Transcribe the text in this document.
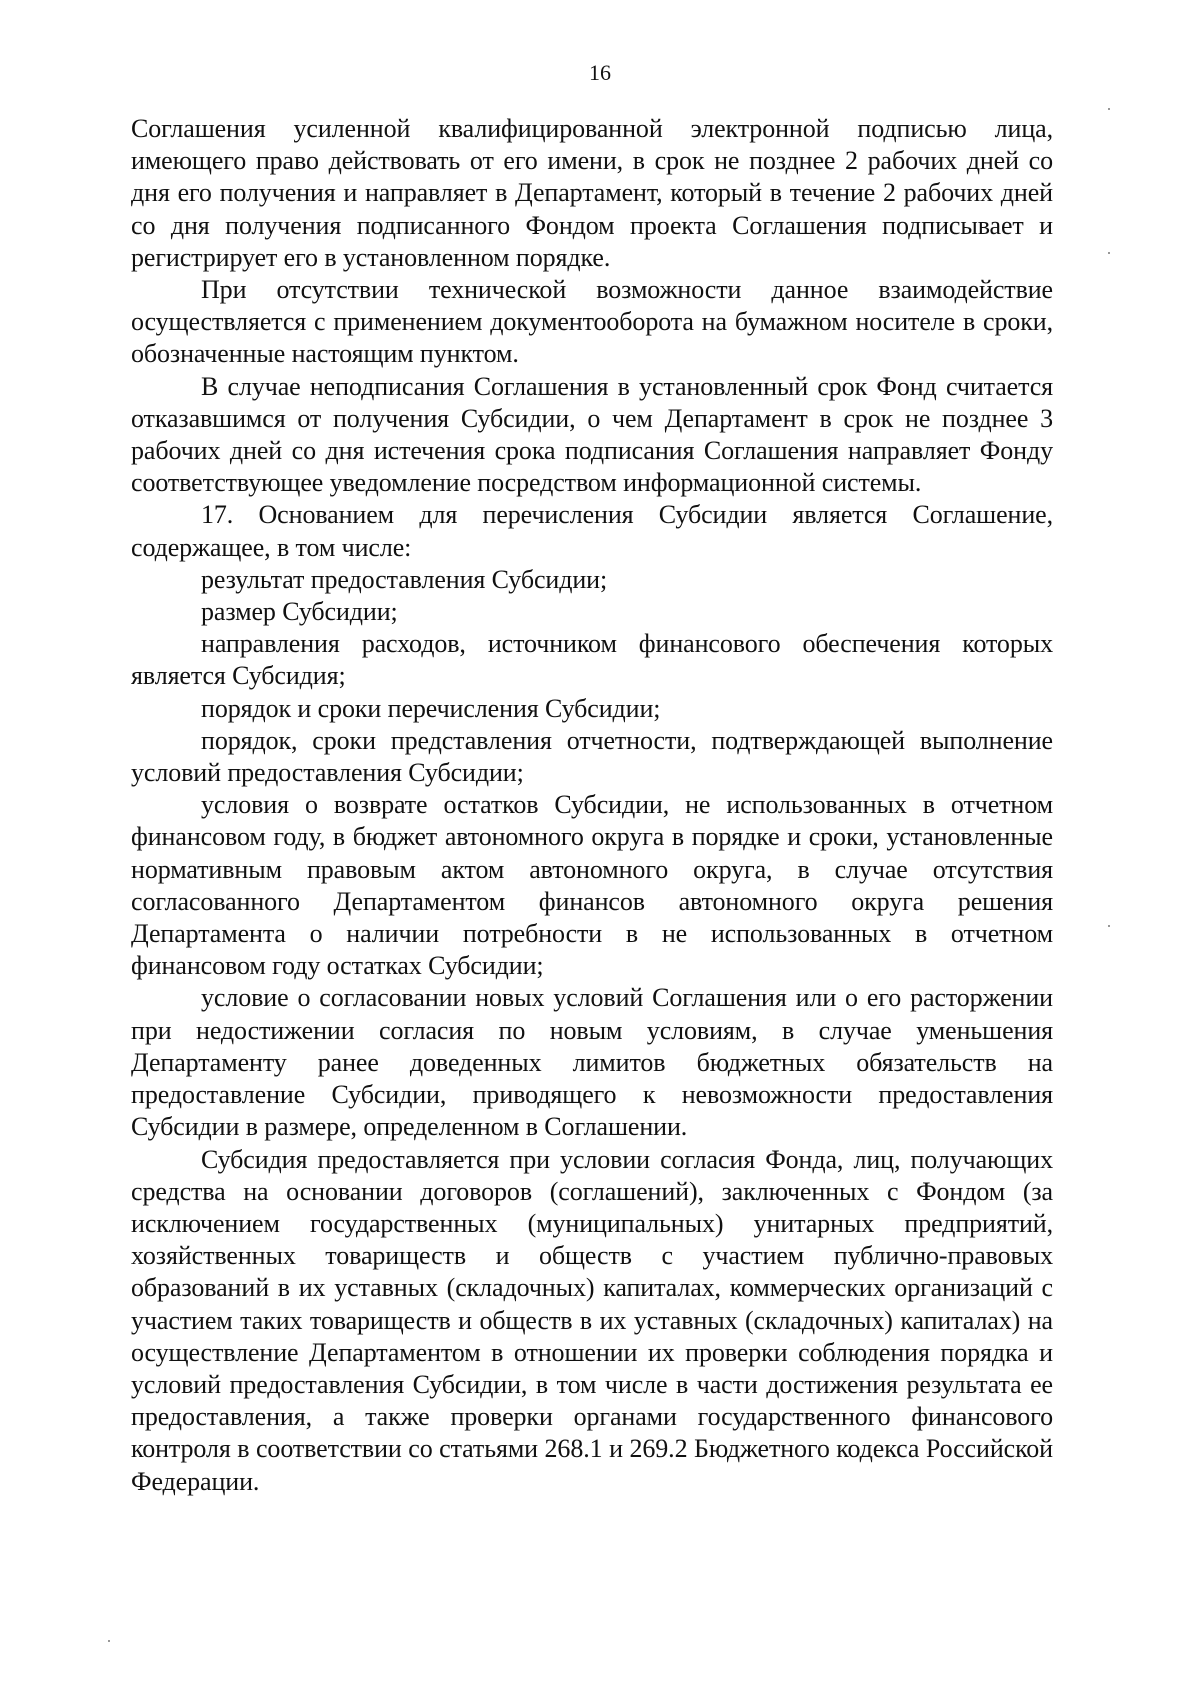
16

Соглашения усиленной квалифицированной электронной подписью лица, имеющего право действовать от его имени, в срок не позднее 2 рабочих дней со дня его получения и направляет в Департамент, который в течение 2 рабочих дней со дня получения подписанного Фондом проекта Соглашения подписывает и регистрирует его в установленном порядке.

При отсутствии технической возможности данное взаимодействие осуществляется с применением документооборота на бумажном носителе в сроки, обозначенные настоящим пунктом.

В случае неподписания Соглашения в установленный срок Фонд считается отказавшимся от получения Субсидии, о чем Департамент в срок не позднее 3 рабочих дней со дня истечения срока подписания Соглашения направляет Фонду соответствующее уведомление посредством информационной системы.

17. Основанием для перечисления Субсидии является Соглашение, содержащее, в том числе:

результат предоставления Субсидии;

размер Субсидии;

направления расходов, источником финансового обеспечения которых является Субсидия;

порядок и сроки перечисления Субсидии;

порядок, сроки представления отчетности, подтверждающей выполнение условий предоставления Субсидии;

условия о возврате остатков Субсидии, не использованных в отчетном финансовом году, в бюджет автономного округа в порядке и сроки, установленные нормативным правовым актом автономного округа, в случае отсутствия согласованного Департаментом финансов автономного округа решения Департамента о наличии потребности в не использованных в отчетном финансовом году остатках Субсидии;

условие о согласовании новых условий Соглашения или о его расторжении при недостижении согласия по новым условиям, в случае уменьшения Департаменту ранее доведенных лимитов бюджетных обязательств на предоставление Субсидии, приводящего к невозможности предоставления Субсидии в размере, определенном в Соглашении.

Субсидия предоставляется при условии согласия Фонда, лиц, получающих средства на основании договоров (соглашений), заключенных с Фондом (за исключением государственных (муниципальных) унитарных предприятий, хозяйственных товариществ и обществ с участием публично-правовых образований в их уставных (складочных) капиталах, коммерческих организаций с участием таких товариществ и обществ в их уставных (складочных) капиталах) на осуществление Департаментом в отношении их проверки соблюдения порядка и условий предоставления Субсидии, в том числе в части достижения результата ее предоставления, а также проверки органами государственного финансового контроля в соответствии со статьями 268.1 и 269.2 Бюджетного кодекса Российской Федерации.
